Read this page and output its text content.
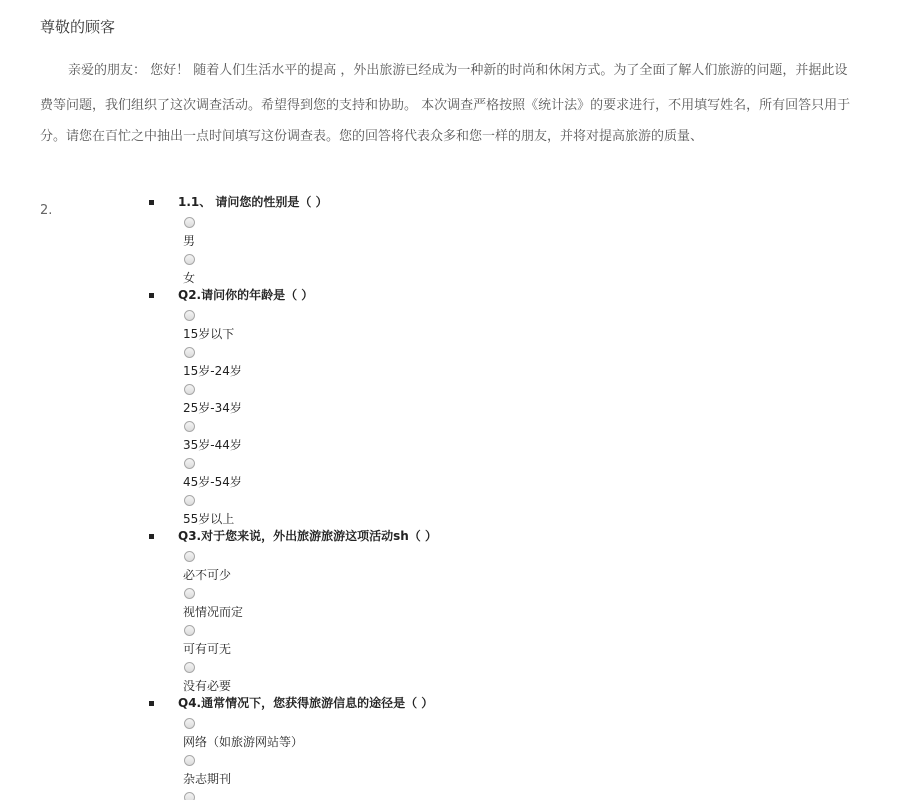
尊敬的顾客
亲爱的朋友： 您好！ 随着人们生活水平的提高 ，外出旅游已经成为一种新的时尚和休闲方式。为了全面了解人们旅游的问题，并据此设
费等问题，我们组织了这次调查活动。希望得到您的支持和协助。 本次调查严格按照《统计法》的要求进行，不用填写姓名，所有回答只用于
分。请您在百忙之中抽出一点时间填写这份调查表。您的回答将代表众多和您一样的朋友，并将对提高旅游的质量、
2.
1.1、 请问您的性别是（ ）
男
女
Q2.请问你的年龄是（ ）
15岁以下
15岁-24岁
25岁-34岁
35岁-44岁
45岁-54岁
55岁以上
Q3.对于您来说，外出旅游旅游这项活动sh（ ）
必不可少
视情况而定
可有可无
没有必要
Q4.通常情况下，您获得旅游信息的途径是（ ）
网络（如旅游网站等）
杂志期刊
